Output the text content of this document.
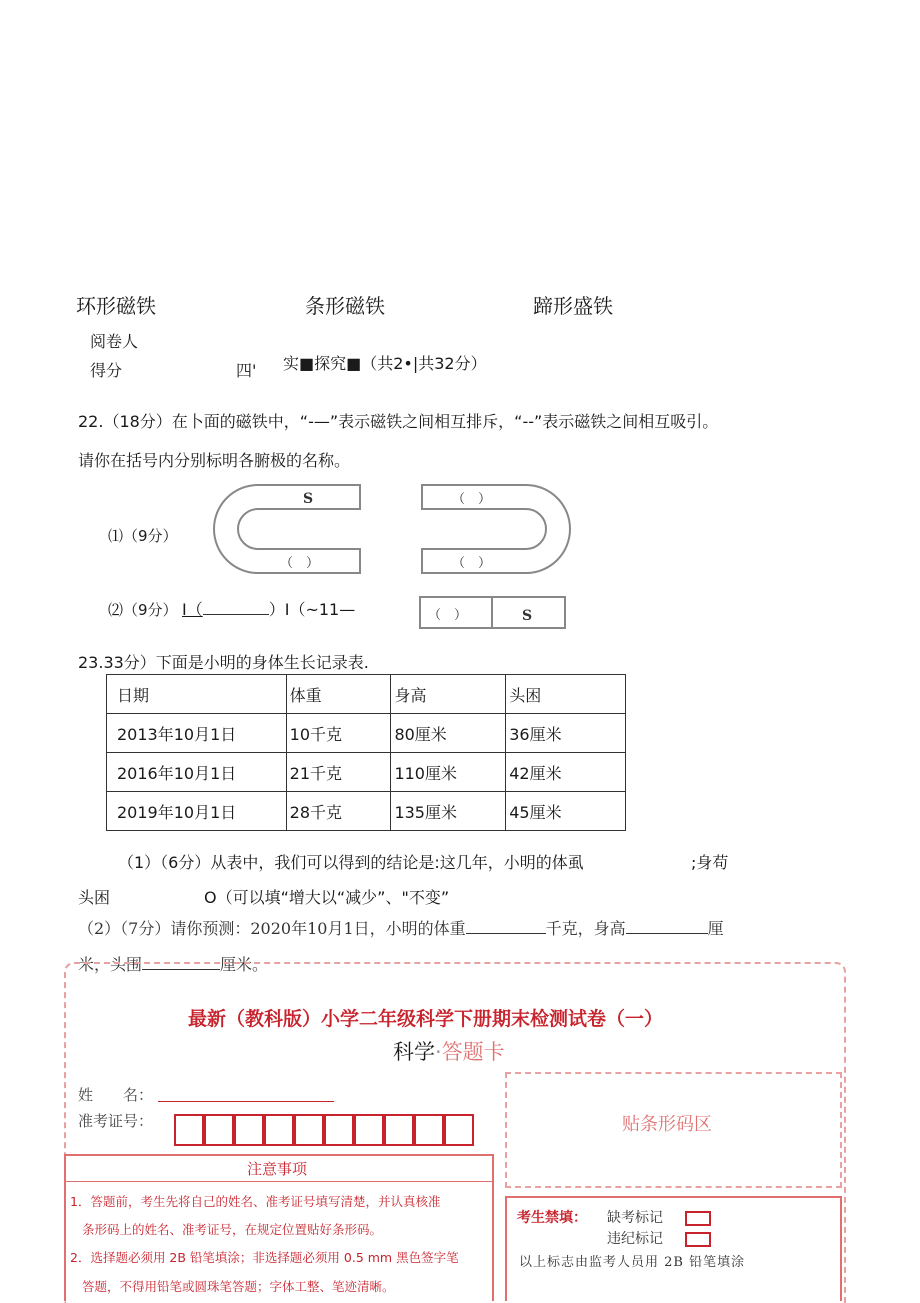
环形磁铁	条形磁铁	蹄形盛铁
阅卷人
得分	四' 实■探究■（共2•|共32分）
22.（18分）在卜面的磁铁中，“-—”表示磁铁之间相互排斥，“--”表示磁铁之间相互吸引。
请你在括号内分别标明各腑极的名称。
⑴（9分）
S
（　）
（　）
（　）
⑵（9分） I（	）I（~11—	（　）	S
23.33分）下面是小明的身体生长记录表.
日期	体重	身高	头困
2013年10月1日	10千克	80厘米	36厘米
2016年10月1日	21千克	110厘米	42厘米
2019年10月1日	28千克	135厘米	45厘米
（1）（6分）从表中，我们可以得到的结论是:这几年，小明的体虱	;身苟
头困	O（可以填“增大以“减少”、"不变”
（2）（7分）请你预测：2020年10月1日，小明的体重	千克，身高	厘
米，头围	厘米。
最新（教科版）小学二年级科学下册期末检测试卷（一）
科学·答题卡
姓　　名：
准考证号：	贴条形码区
注意事项
1．答题前，考生先将自己的姓名、准考证号填写清楚，并认真核准
条形码上的姓名、准考证号，在规定位置贴好条形码。
2．选择题必须用 2B 铅笔填涂；非选择题必须用 0.5 mm 黑色签字笔
答题，不得用铅笔或圆珠笔答题；字体工整、笔迹清晰。
考生禁填： 缺考标记
违纪标记
以上标志由监考人员用 2B 铅笔填涂
